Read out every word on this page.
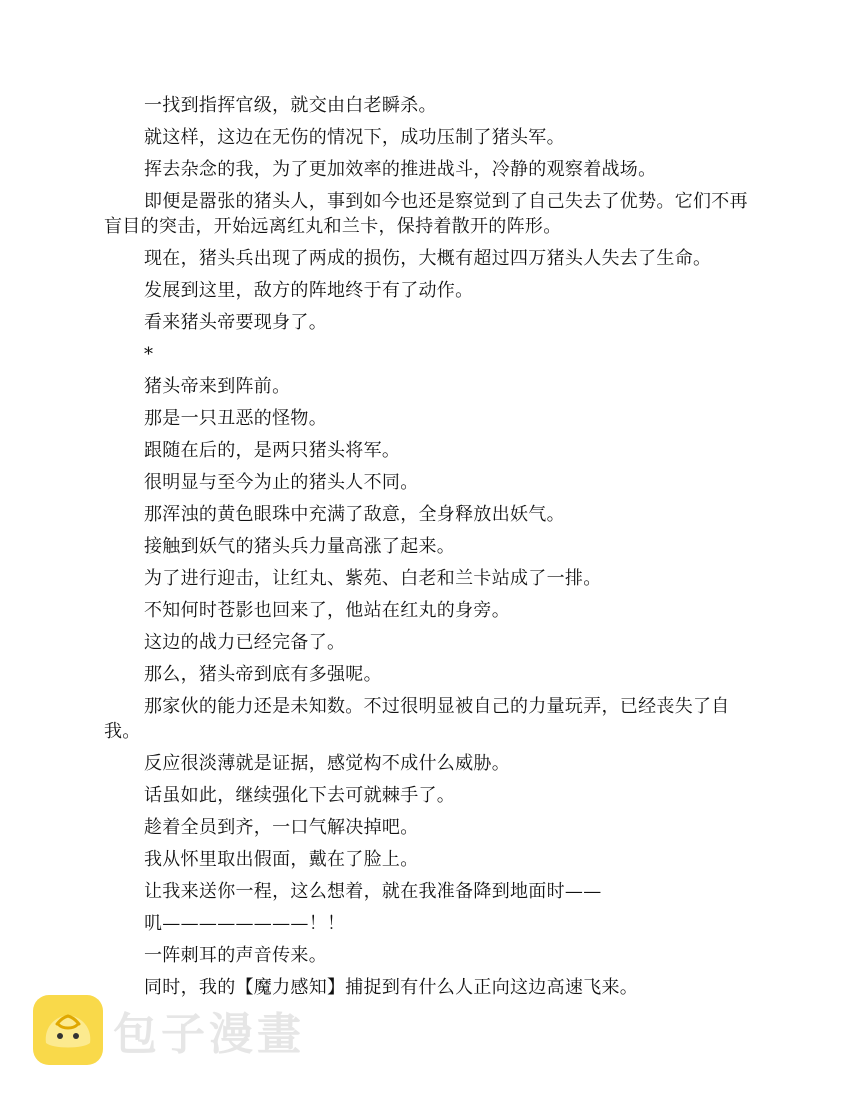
一找到指挥官级，就交由白老瞬杀。

就这样，这边在无伤的情况下，成功压制了猪头军。

挥去杂念的我，为了更加效率的推进战斗，冷静的观察着战场。

即便是嚣张的猪头人，事到如今也还是察觉到了自己失去了优势。它们不再盲目的突击，开始远离红丸和兰卡，保持着散开的阵形。

现在，猪头兵出现了两成的损伤，大概有超过四万猪头人失去了生命。

发展到这里，敌方的阵地终于有了动作。

看来猪头帝要现身了。

*

猪头帝来到阵前。

那是一只丑恶的怪物。

跟随在后的，是两只猪头将军。

很明显与至今为止的猪头人不同。

那浑浊的黄色眼珠中充满了敌意，全身释放出妖气。

接触到妖气的猪头兵力量高涨了起来。

为了进行迎击，让红丸、紫苑、白老和兰卡站成了一排。

不知何时苍影也回来了，他站在红丸的身旁。

这边的战力已经完备了。

那么，猪头帝到底有多强呢。

那家伙的能力还是未知数。不过很明显被自己的力量玩弄，已经丧失了自我。

反应很淡薄就是证据，感觉构不成什么威胁。

话虽如此，继续强化下去可就棘手了。

趁着全员到齐，一口气解决掉吧。

我从怀里取出假面，戴在了脸上。

让我来送你一程，这么想着，就在我准备降到地面时——

叽————————！！

一阵刺耳的声音传来。

同时，我的【魔力感知】捕捉到有什么人正向这边高速飞来。

包子漫畫
